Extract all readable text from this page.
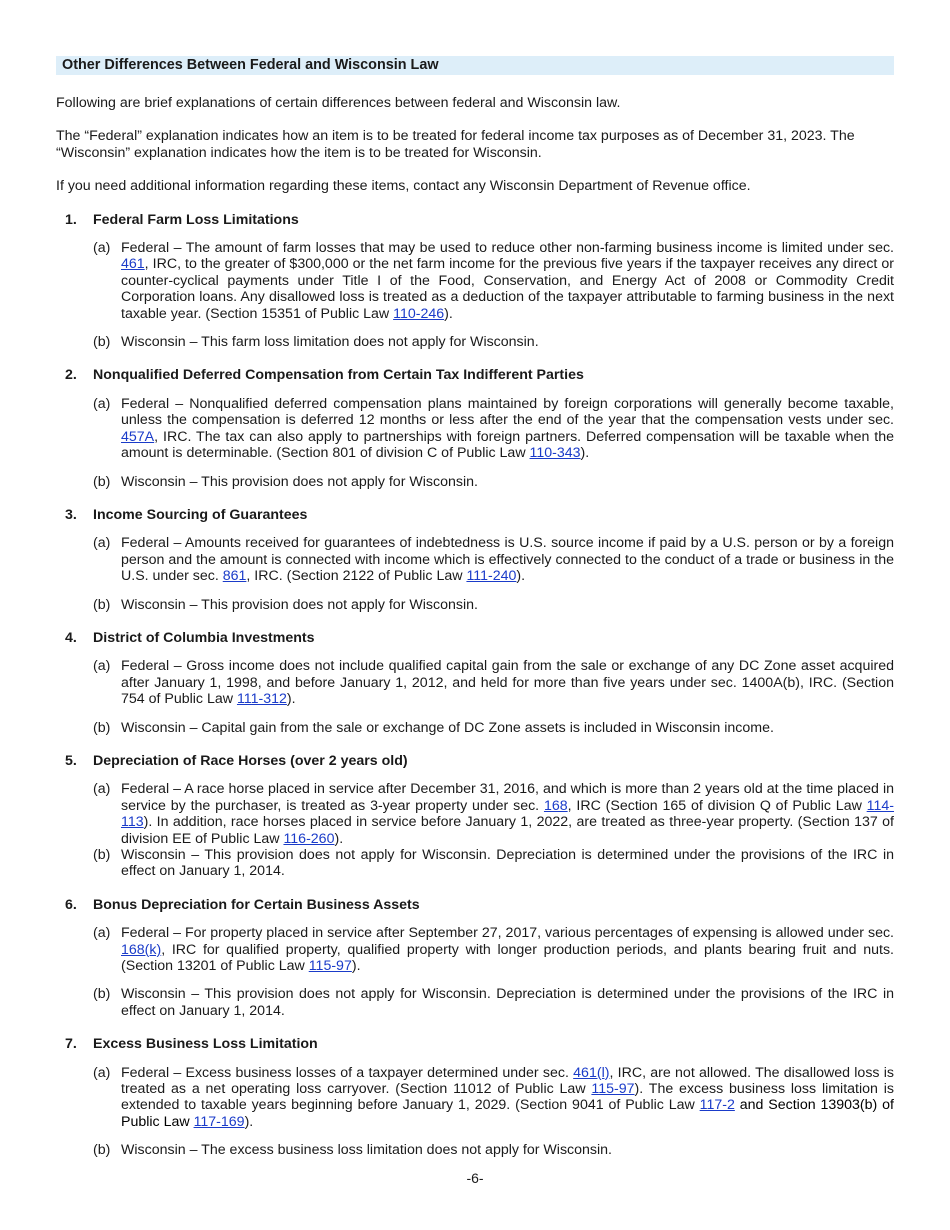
Other Differences Between Federal and Wisconsin Law

Following are brief explanations of certain differences between federal and Wisconsin law.

The “Federal” explanation indicates how an item is to be treated for federal income tax purposes as of December 31, 2023. The “Wisconsin” explanation indicates how the item is to be treated for Wisconsin.

If you need additional information regarding these items, contact any Wisconsin Department of Revenue office.

1. Federal Farm Loss Limitations
(a) Federal – The amount of farm losses that may be used to reduce other non-farming business income is limited under sec. 461, IRC, to the greater of $300,000 or the net farm income for the previous five years if the taxpayer receives any direct or counter-cyclical payments under Title I of the Food, Conservation, and Energy Act of 2008 or Commodity Credit Corporation loans. Any disallowed loss is treated as a deduction of the taxpayer attributable to farming business in the next taxable year. (Section 15351 of Public Law 110-246).
(b) Wisconsin – This farm loss limitation does not apply for Wisconsin.
2. Nonqualified Deferred Compensation from Certain Tax Indifferent Parties
(a) Federal – Nonqualified deferred compensation plans maintained by foreign corporations will generally become taxable, unless the compensation is deferred 12 months or less after the end of the year that the compensation vests under sec. 457A, IRC. The tax can also apply to partnerships with foreign partners. Deferred compensation will be taxable when the amount is determinable. (Section 801 of division C of Public Law 110-343).
(b) Wisconsin – This provision does not apply for Wisconsin.
3. Income Sourcing of Guarantees
(a) Federal – Amounts received for guarantees of indebtedness is U.S. source income if paid by a U.S. person or by a foreign person and the amount is connected with income which is effectively connected to the conduct of a trade or business in the U.S. under sec. 861, IRC. (Section 2122 of Public Law 111-240).
(b) Wisconsin – This provision does not apply for Wisconsin.
4. District of Columbia Investments
(a) Federal – Gross income does not include qualified capital gain from the sale or exchange of any DC Zone asset acquired after January 1, 1998, and before January 1, 2012, and held for more than five years under sec. 1400A(b), IRC. (Section 754 of Public Law 111-312).
(b) Wisconsin – Capital gain from the sale or exchange of DC Zone assets is included in Wisconsin income.
5. Depreciation of Race Horses (over 2 years old)
(a) Federal – A race horse placed in service after December 31, 2016, and which is more than 2 years old at the time placed in service by the purchaser, is treated as 3-year property under sec. 168, IRC (Section 165 of division Q of Public Law 114-113). In addition, race horses placed in service before January 1, 2022, are treated as three-year property. (Section 137 of division EE of Public Law 116-260).
(b) Wisconsin – This provision does not apply for Wisconsin. Depreciation is determined under the provisions of the IRC in effect on January 1, 2014.
6. Bonus Depreciation for Certain Business Assets
(a) Federal – For property placed in service after September 27, 2017, various percentages of expensing is allowed under sec. 168(k), IRC for qualified property, qualified property with longer production periods, and plants bearing fruit and nuts. (Section 13201 of Public Law 115-97).
(b) Wisconsin – This provision does not apply for Wisconsin. Depreciation is determined under the provisions of the IRC in effect on January 1, 2014.
7. Excess Business Loss Limitation
(a) Federal – Excess business losses of a taxpayer determined under sec. 461(l), IRC, are not allowed. The disallowed loss is treated as a net operating loss carryover. (Section 11012 of Public Law 115-97). The excess business loss limitation is extended to taxable years beginning before January 1, 2029. (Section 9041 of Public Law 117-2 and Section 13903(b) of Public Law 117-169).
(b) Wisconsin – The excess business loss limitation does not apply for Wisconsin.
-6-
